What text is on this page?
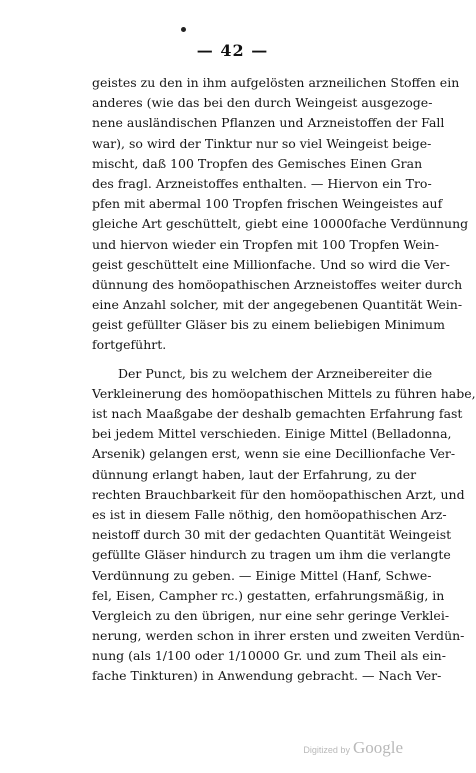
— 42 —

geistes zu den in ihm aufgelösten arzneilichen Stoffen ein
anderes (wie das bei den durch Weingeist ausgezoge-
nene ausländischen Pflanzen und Arzneistoffen der Fall
war), so wird der Tinktur nur so viel Weingeist beige-
mischt, daß 100 Tropfen des Gemisches Einen Gran
des fragl. Arzneistoffes enthalten. — Hiervon ein Tro-
pfen mit abermal 100 Tropfen frischen Weingeistes auf
gleiche Art geschüttelt, giebt eine 10000fache Verdünnung
und hiervon wieder ein Tropfen mit 100 Tropfen Wein-
geist geschüttelt eine Millionfache. Und so wird die Ver-
dünnung des homöopathischen Arzneistoffes weiter durch
eine Anzahl solcher, mit der angegebenen Quantität Wein-
geist gefüllter Gläser bis zu einem beliebigen Minimum
fortgeführt.
Der Punct, bis zu welchem der Arzneibereiter die
Verkleinerung des homöopathischen Mittels zu führen habe,
ist nach Maaßgabe der deshalb gemachten Erfahrung fast
bei jedem Mittel verschieden. Einige Mittel (Belladonna,
Arsenik) gelangen erst, wenn sie eine Decillionfache Ver-
dünnung erlangt haben, laut der Erfahrung, zu der
rechten Brauchbarkeit für den homöopathischen Arzt, und
es ist in diesem Falle nöthig, den homöopathischen Arz-
neistoff durch 30 mit der gedachten Quantität Weingeist
gefüllte Gläser hindurch zu tragen um ihm die verlangte
Verdünnung zu geben. — Einige Mittel (Hanf, Schwe-
fel, Eisen, Campher rc.) gestatten, erfahrungsmäßig, in
Vergleich zu den übrigen, nur eine sehr geringe Verklei-
nerung, werden schon in ihrer ersten und zweiten Verdün-
nung (als 1/100 oder 1/10000 Gr. und zum Theil als ein-
fache Tinkturen) in Anwendung gebracht. — Nach Ver-

Digitized by Google
